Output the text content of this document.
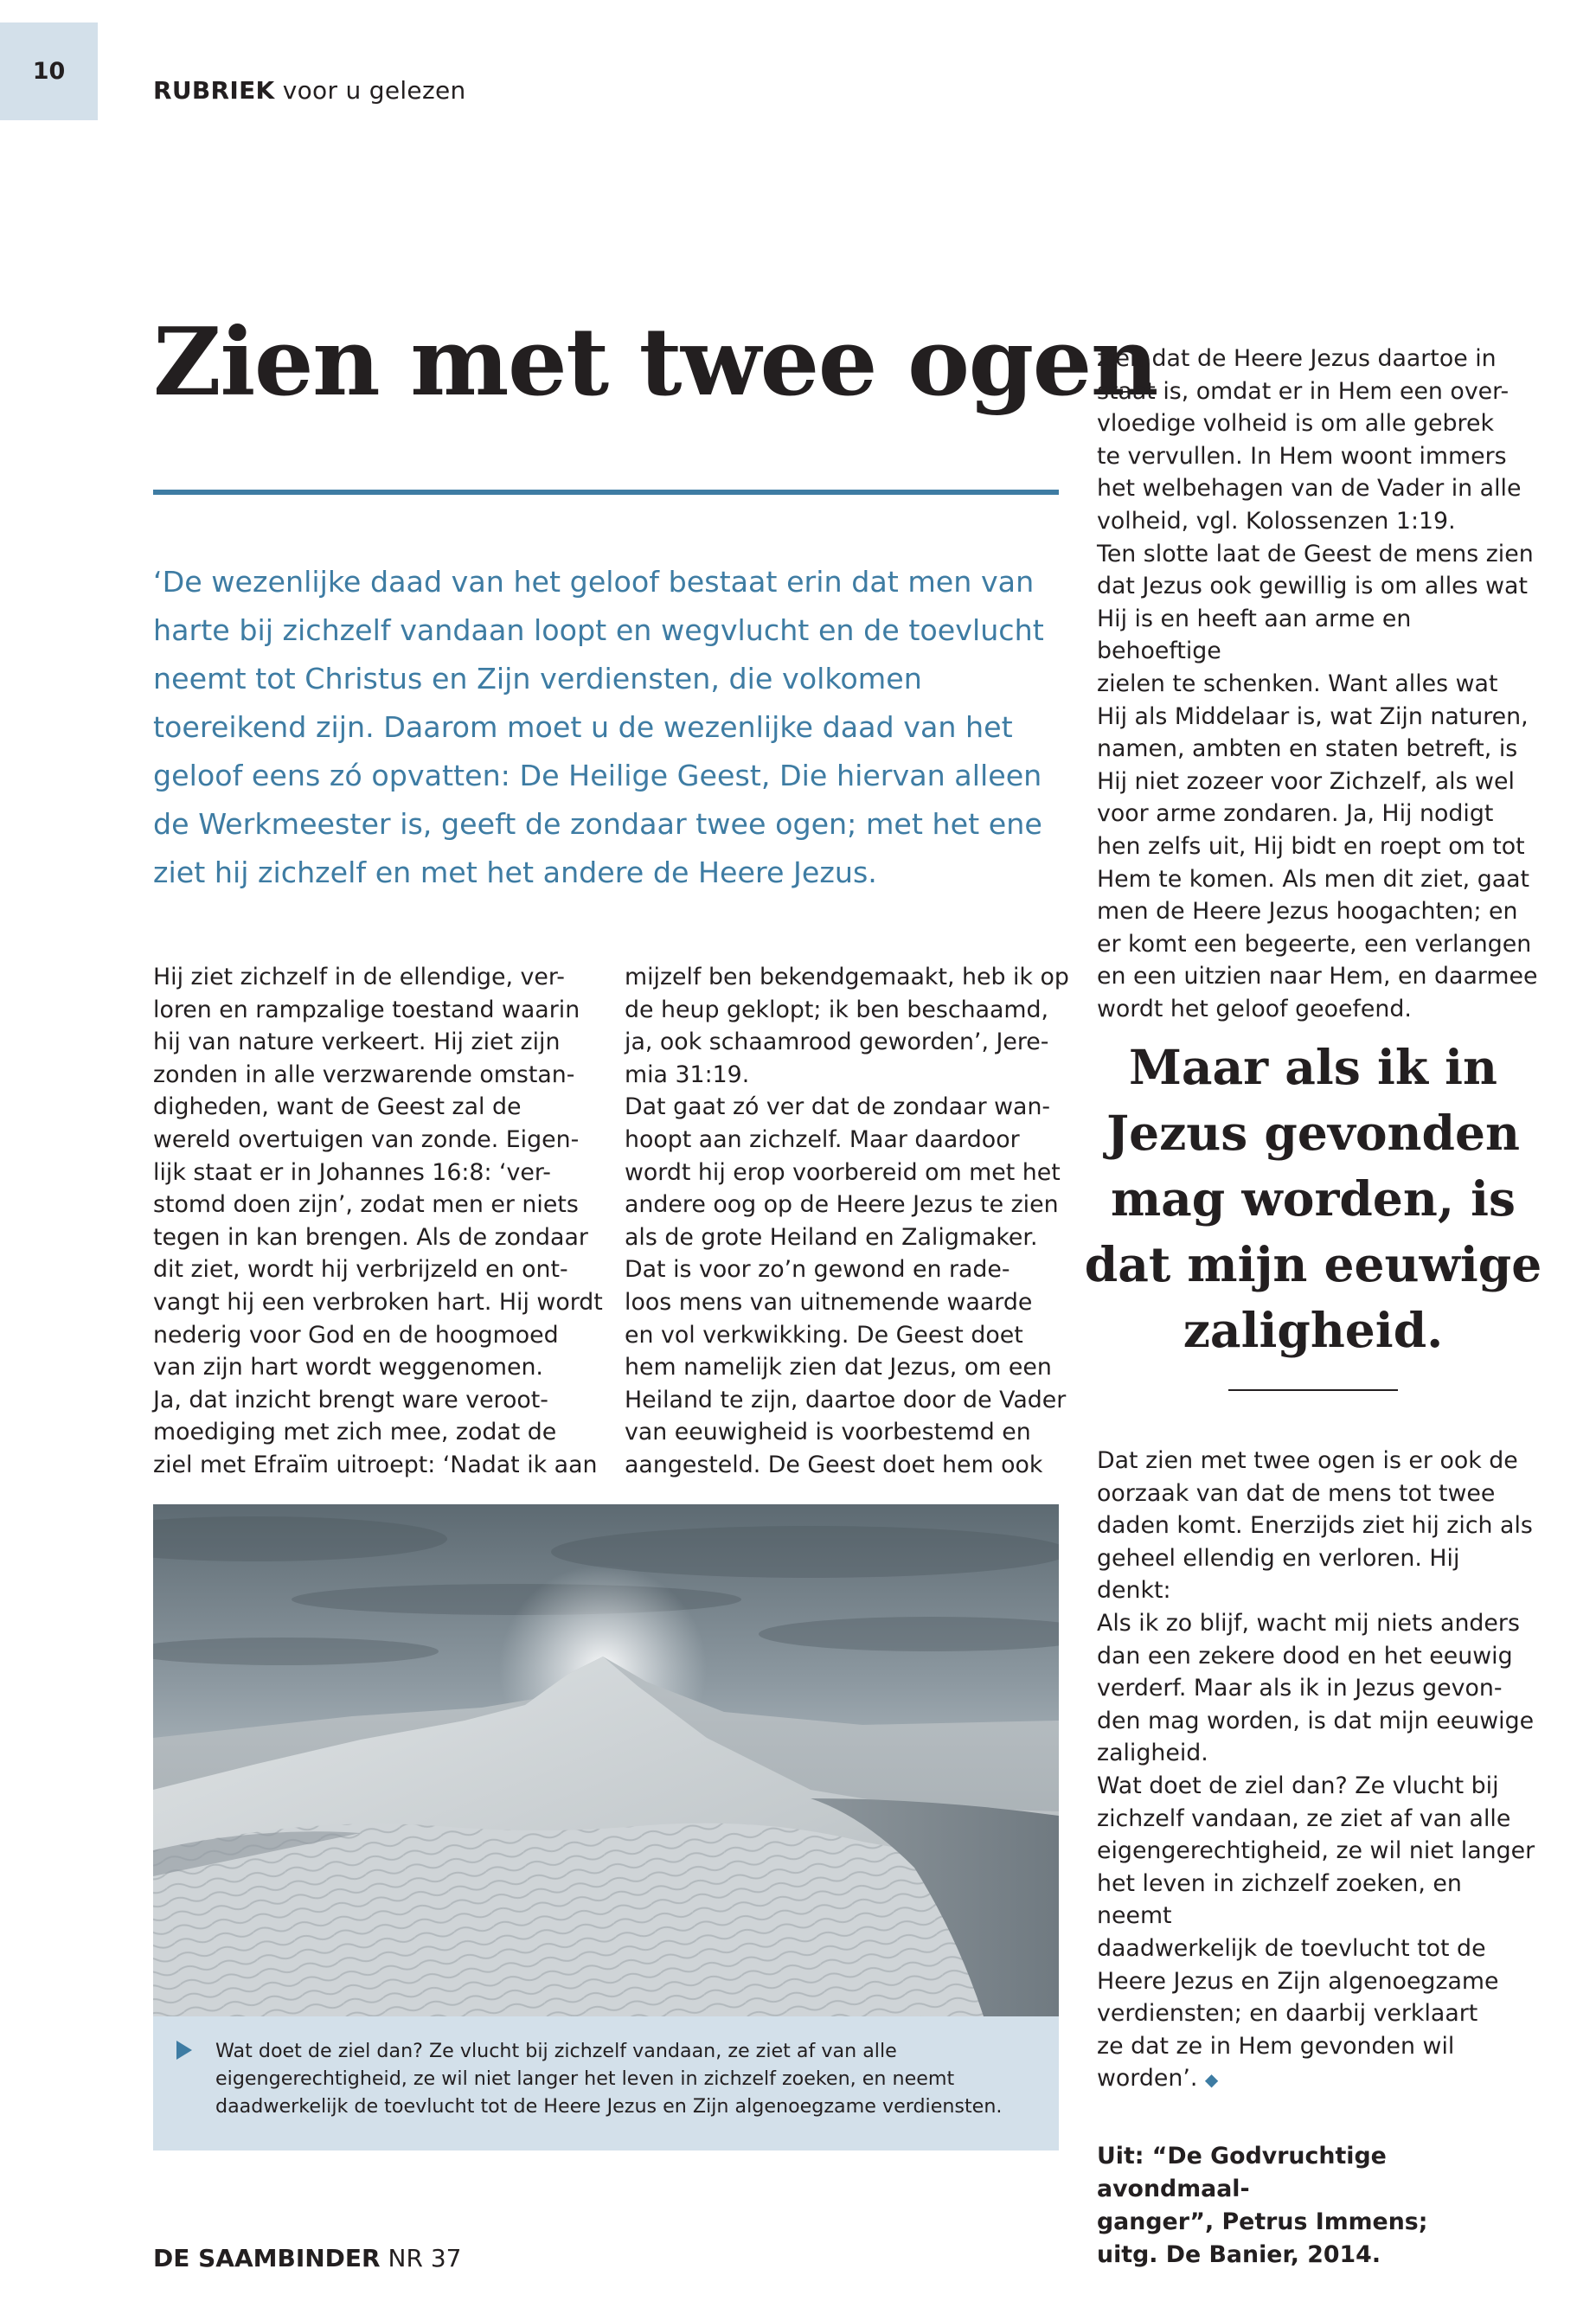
10
RUBRIEK voor u gelezen
Zien met twee ogen

‘De wezenlijke daad van het geloof bestaat erin dat men van

harte bij zichzelf vandaan loopt en wegvlucht en de toevlucht

neemt tot Christus en Zijn verdiensten, die volkomen

toereikend zijn. Daarom moet u de wezenlijke daad van het

geloof eens zó opvatten: De Heilige Geest, Die hiervan alleen

de Werkmeester is, geeft de zondaar twee ogen; met het ene

ziet hij zichzelf en met het andere de Heere Jezus.

Hij ziet zichzelf in de ellendige, ver-

loren en rampzalige toestand waarin

hij van nature verkeert. Hij ziet zijn

zonden in alle verzwarende omstan-

digheden, want de Geest zal de

wereld overtuigen van zonde. Eigen-

lijk staat er in Johannes 16:8: ‘ver-

stomd doen zijn’, zodat men er niets

tegen in kan brengen. Als de zondaar

dit ziet, wordt hij verbrijzeld en ont-

vangt hij een verbroken hart. Hij wordt

nederig voor God en de hoogmoed

van zijn hart wordt weggenomen.

Ja, dat inzicht brengt ware veroot-

moediging met zich mee, zodat de

ziel met Efraïm uitroept: ‘Nadat ik aan

mijzelf ben bekendgemaakt, heb ik op

de heup geklopt; ik ben beschaamd,

ja, ook schaamrood geworden’, Jere-

mia 31:19.

Dat gaat zó ver dat de zondaar wan-

hoopt aan zichzelf. Maar daardoor

wordt hij erop voorbereid om met het

andere oog op de Heere Jezus te zien

als de grote Heiland en Zaligmaker.

Dat is voor zo’n gewond en rade-

loos mens van uitnemende waarde

en vol verkwikking. De Geest doet

hem namelijk zien dat Jezus, om een

Heiland te zijn, daartoe door de Vader

van eeuwigheid is voorbestemd en

aangesteld. De Geest doet hem ook

zien dat de Heere Jezus daartoe in

staat is, omdat er in Hem een over-

vloedige volheid is om alle gebrek

te vervullen. In Hem woont immers

het welbehagen van de Vader in alle

volheid, vgl. Kolossenzen 1:19.

Ten slotte laat de Geest de mens zien

dat Jezus ook gewillig is om alles wat

Hij is en heeft aan arme en behoeftige

zielen te schenken. Want alles wat

Hij als Middelaar is, wat Zijn naturen,

namen, ambten en staten betreft, is

Hij niet zozeer voor Zichzelf, als wel

voor arme zondaren. Ja, Hij nodigt

hen zelfs uit, Hij bidt en roept om tot

Hem te komen. Als men dit ziet, gaat

men de Heere Jezus hoogachten; en

er komt een begeerte, een verlangen

en een uitzien naar Hem, en daarmee

wordt het geloof geoefend.

Maar als ik in

Jezus gevonden

mag worden, is

dat mijn eeuwige

zaligheid.

Dat zien met twee ogen is er ook de

oorzaak van dat de mens tot twee

daden komt. Enerzijds ziet hij zich als

geheel ellendig en verloren. Hij denkt:

Als ik zo blijf, wacht mij niets anders

dan een zekere dood en het eeuwig

verderf. Maar als ik in Jezus gevon-

den mag worden, is dat mijn eeuwige

zaligheid.

Wat doet de ziel dan? Ze vlucht bij

zichzelf vandaan, ze ziet af van alle

eigengerechtigheid, ze wil niet langer

het leven in zichzelf zoeken, en neemt

daadwerkelijk de toevlucht tot de

Heere Jezus en Zijn algenoegzame

verdiensten; en daarbij verklaart

ze dat ze in Hem gevonden wil

worden’. ◆

Wat doet de ziel dan? Ze vlucht bij zichzelf vandaan, ze ziet af van alle eigengerechtigheid, ze wil niet langer het leven in zichzelf zoeken, en neemt daadwerkelijk de toevlucht tot de Heere Jezus en Zijn algenoegzame verdiensten.

Uit: “De Godvruchtige avondmaal-

ganger”, Petrus Immens;

uitg. De Banier, 2014.

DE SAAMBINDER NR 37
